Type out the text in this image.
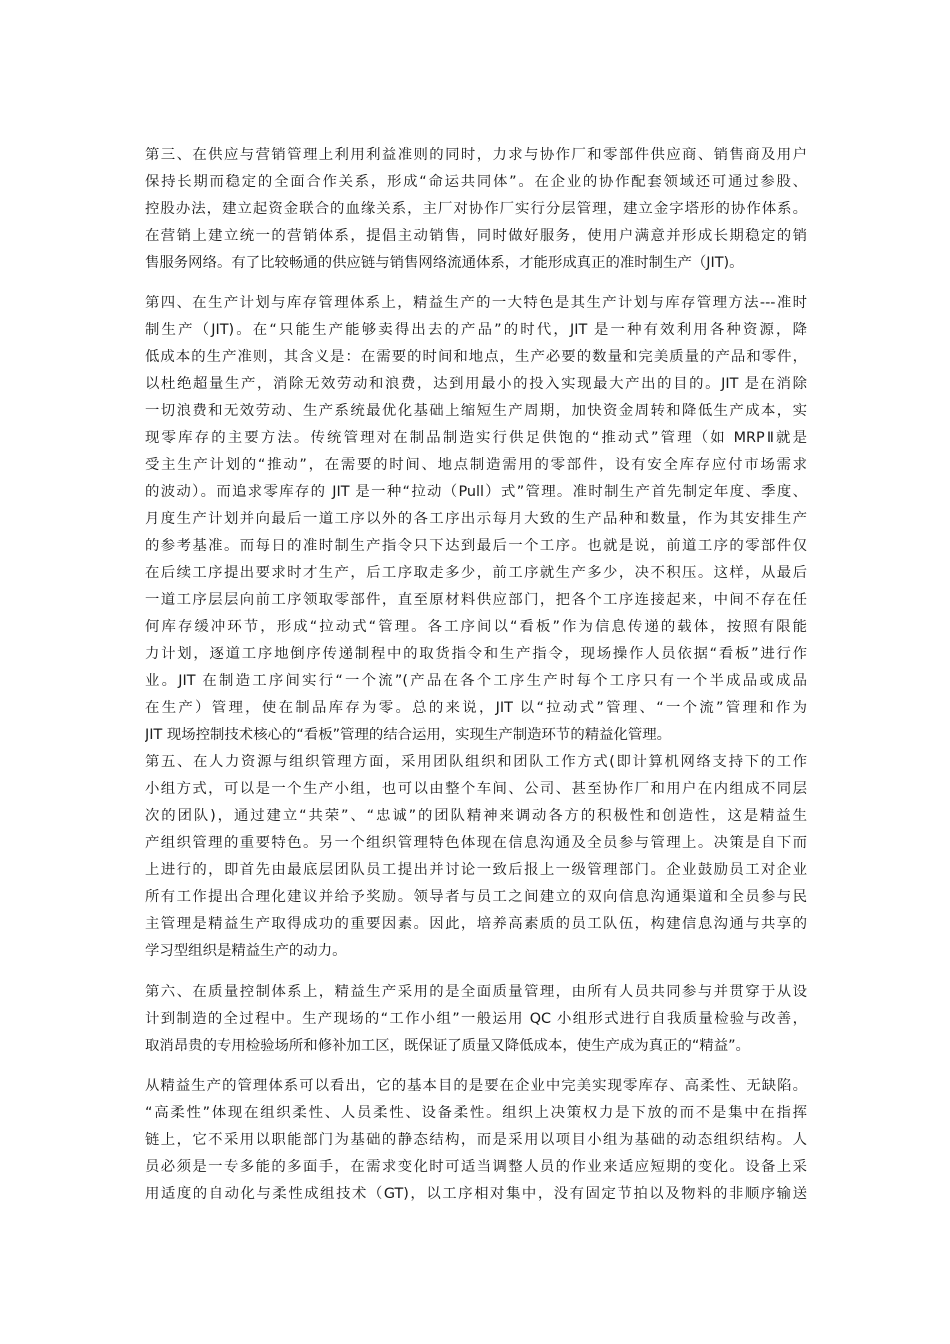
第三、在供应与营销管理上利用利益准则的同时，力求与协作厂和零部件供应商、销售商及用户
保持长期而稳定的全面合作关系，形成“命运共同体”。在企业的协作配套领域还可通过参股、
控股办法，建立起资金联合的血缘关系，主厂对协作厂实行分层管理，建立金字塔形的协作体系。
在营销上建立统一的营销体系，提倡主动销售，同时做好服务，使用户满意并形成长期稳定的销
售服务网络。有了比较畅通的供应链与销售网络流通体系，才能形成真正的准时制生产（JIT)。
第四、在生产计划与库存管理体系上，精益生产的一大特色是其生产计划与库存管理方法---准时
制生产（JIT)。在“只能生产能够卖得出去的产品”的时代，JIT 是一种有效利用各种资源，降
低成本的生产准则，其含义是：在需要的时间和地点，生产必要的数量和完美质量的产品和零件，
以杜绝超量生产，消除无效劳动和浪费，达到用最小的投入实现最大产出的目的。JIT 是在消除
一切浪费和无效劳动、生产系统最优化基础上缩短生产周期，加快资金周转和降低生产成本，实
现零库存的主要方法。传统管理对在制品制造实行供足供饱的“推动式”管理（如 MRPⅡ就是
受主生产计划的“推动”，在需要的时间、地点制造需用的零部件，设有安全库存应付市场需求
的波动）。而追求零库存的 JIT 是一种“拉动（Pull）式”管理。准时制生产首先制定年度、季度、
月度生产计划并向最后一道工序以外的各工序出示每月大致的生产品种和数量，作为其安排生产
的参考基准。而每日的准时制生产指令只下达到最后一个工序。也就是说，前道工序的零部件仅
在后续工序提出要求时才生产，后工序取走多少，前工序就生产多少，决不积压。这样，从最后
一道工序层层向前工序领取零部件，直至原材料供应部门，把各个工序连接起来，中间不存在任
何库存缓冲环节，形成“拉动式“管理。各工序间以“看板”作为信息传递的载体，按照有限能
力计划，逐道工序地倒序传递制程中的取货指令和生产指令，现场操作人员依据“看板”进行作
业。JIT 在制造工序间实行“一个流”(产品在各个工序生产时每个工序只有一个半成品或成品
在生产）管理，使在制品库存为零。总的来说，JIT 以“拉动式”管理、“一个流”管理和作为
JIT 现场控制技术核心的“看板”管理的结合运用，实现生产制造环节的精益化管理。
第五、在人力资源与组织管理方面，采用团队组织和团队工作方式(即计算机网络支持下的工作
小组方式，可以是一个生产小组，也可以由整个车间、公司、甚至协作厂和用户在内组成不同层
次的团队)，通过建立“共荣”、“忠诚”的团队精神来调动各方的积极性和创造性，这是精益生
产组织管理的重要特色。另一个组织管理特色体现在信息沟通及全员参与管理上。决策是自下而
上进行的，即首先由最底层团队员工提出并讨论一致后报上一级管理部门。企业鼓励员工对企业
所有工作提出合理化建议并给予奖励。领导者与员工之间建立的双向信息沟通渠道和全员参与民
主管理是精益生产取得成功的重要因素。因此，培养高素质的员工队伍，构建信息沟通与共享的
学习型组织是精益生产的动力。
第六、在质量控制体系上，精益生产采用的是全面质量管理，由所有人员共同参与并贯穿于从设
计到制造的全过程中。生产现场的“工作小组”一般运用 QC 小组形式进行自我质量检验与改善，
取消昂贵的专用检验场所和修补加工区，既保证了质量又降低成本，使生产成为真正的“精益”。
从精益生产的管理体系可以看出，它的基本目的是要在企业中完美实现零库存、高柔性、无缺陷。
“高柔性”体现在组织柔性、人员柔性、设备柔性。组织上决策权力是下放的而不是集中在指挥
链上，它不采用以职能部门为基础的静态结构，而是采用以项目小组为基础的动态组织结构。人
员必须是一专多能的多面手，在需求变化时可适当调整人员的作业来适应短期的变化。设备上采
用适度的自动化与柔性成组技术（GT)，以工序相对集中，没有固定节拍以及物料的非顺序输送
